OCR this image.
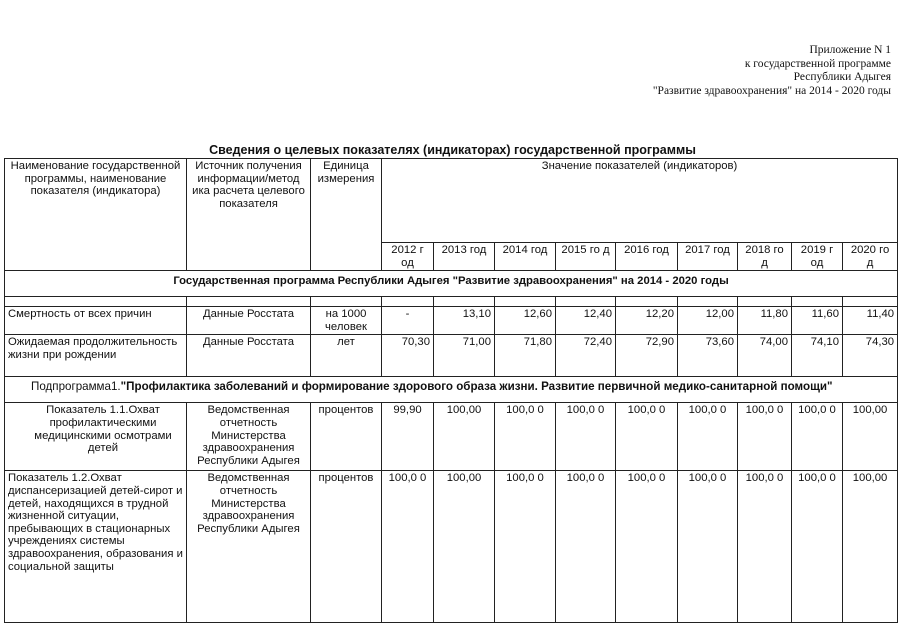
Приложение N 1
к государственной программе
Республики Адыгея
"Развитие здравоохранения" на 2014 - 2020 годы
Сведения о целевых показателях (индикаторах) государственной программы
Наименование государственной программы, наименование показателя (индикатора)	Источник получения информации/метод ика расчета целевого показателя	Единица измерения	Значение показателей (индикаторов)								
			2012 г од	2013 год	2014 год	2015 го д	2016 год	2017 год	2018 го д	2019 г од	2020 го д
Государственная программа Республики Адыгея "Развитие здравоохранения" на 2014 - 2020 годы											

Смертность от всех причин	Данные Росстата	на 1000 человек	-	13,10	12,60	12,40	12,20	12,00	11,80	11,60	11,40
Ожидаемая продолжительность жизни при рождении	Данные Росстата	лет	70,30	71,00	71,80	72,40	72,90	73,60	74,00	74,10	74,30
Подпрограмма1."Профилактика заболеваний и формирование здорового образа жизни. Развитие первичной медико-санитарной помощи"											
Показатель 1.1.Охват профилактическими медицинскими осмотрами детей	Ведомственная отчетность Министерства здравоохранения Республики Адыгея	процентов	99,90	100,00	100,0 0	100,0 0	100,0 0	100,0 0	100,0 0	100,0 0	100,00
Показатель 1.2.Охват диспансеризацией детей-сирот и детей, находящихся в трудной жизненной ситуации, пребывающих в стационарных учреждениях системы здравоохранения, образования и социальной защиты	Ведомственная отчетность Министерства здравоохранения Республики Адыгея	процентов	100,0 0	100,00	100,0 0	100,0 0	100,0 0	100,0 0	100,0 0	100,0 0	100,00
